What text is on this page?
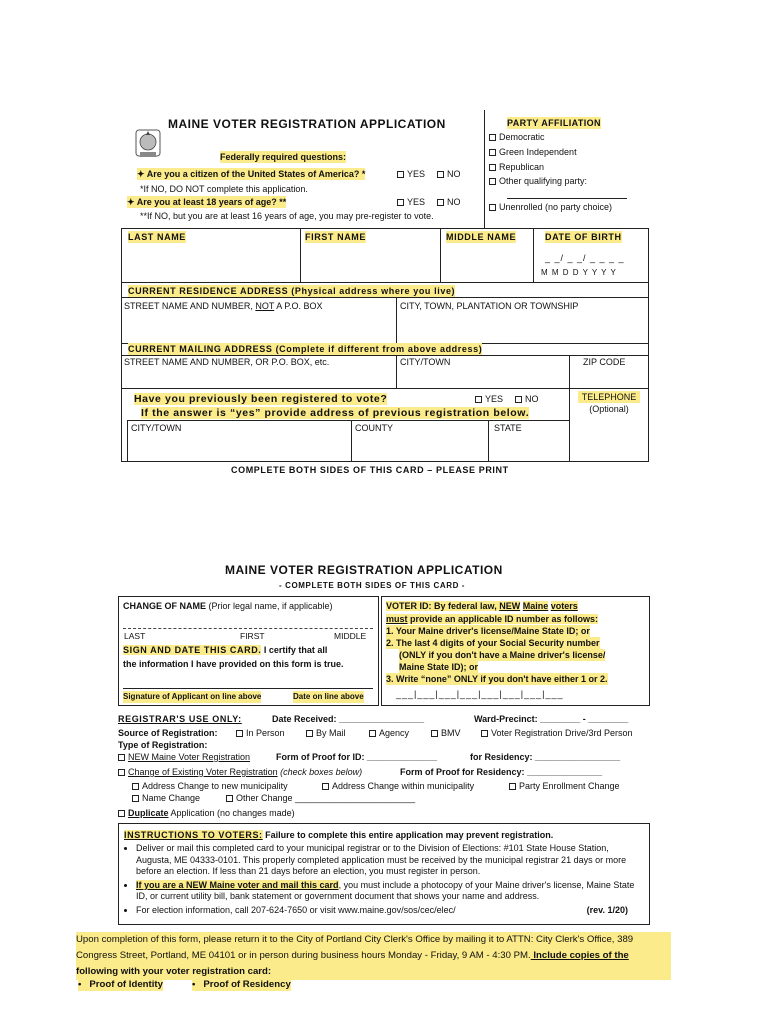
MAINE VOTER REGISTRATION APPLICATION
Federally required questions:
✦ Are you a citizen of the United States of America? *	YES	NO
*If NO, DO NOT complete this application.
✦ Are you at least 18 years of age? **	YES	NO
**If NO, but you are at least 16 years of age, you may pre-register to vote.
PARTY AFFILIATION
Democratic
Green Independent
Republican
Other qualifying party:
Unenrolled (no party choice)
LAST NAME	FIRST NAME	MIDDLE NAME	DATE OF BIRTH
_ _/ _ _/ _ _ _ _
M M D D Y Y Y Y
CURRENT RESIDENCE ADDRESS (Physical address where you live)
STREET NAME AND NUMBER, NOT A P.O. BOX	CITY, TOWN, PLANTATION OR TOWNSHIP
CURRENT MAILING ADDRESS (Complete if different from above address)
STREET NAME AND NUMBER, OR P.O. BOX, etc.	CITY/TOWN	ZIP CODE
Have you previously been registered to vote?	YES	NO
If the answer is “yes” provide address of previous registration below.
TELEPHONE
(Optional)
CITY/TOWN	COUNTY	STATE
COMPLETE BOTH SIDES OF THIS CARD – PLEASE PRINT
MAINE VOTER REGISTRATION APPLICATION
- COMPLETE BOTH SIDES OF THIS CARD -
CHANGE OF NAME (Prior legal name, if applicable)
LAST	FIRST	MIDDLE
SIGN AND DATE THIS CARD. I certify that all
the information I have provided on this form is true.
Signature of Applicant on line above	Date on line above
VOTER ID: By federal law, NEW Maine voters
must provide an applicable ID number as follows:
1. Your Maine driver's license/Maine State ID; or
2. The last 4 digits of your Social Security number
(ONLY if you don't have a Maine driver's license/
Maine State ID); or
3. Write “none” ONLY if you don't have either 1 or 2.
___|___|___|___|___|___|___|___
REGISTRAR'S USE ONLY:	Date Received: _________________	Ward-Precinct: ________ - ________
Source of Registration:	In Person	By Mail	Agency	BMV	Voter Registration Drive/3rd Person
Type of Registration:
NEW Maine Voter Registration	Form of Proof for ID: ______________	for Residency: _________________
Change of Existing Voter Registration (check boxes below)	Form of Proof for Residency: _______________
Address Change to new municipality	Address Change within municipality	Party Enrollment Change
Name Change	Other Change ________________________
Duplicate Application (no changes made)
INSTRUCTIONS TO VOTERS: Failure to complete this entire application may prevent registration.
• Deliver or mail this completed card to your municipal registrar or to the Division of Elections: #101 State House Station, Augusta, ME 04333-0101. This properly completed application must be received by the municipal registrar 21 days or more before an election. If less than 21 days before an election, you must register in person.
• If you are a NEW Maine voter and mail this card, you must include a photocopy of your Maine driver's license, Maine State ID, or current utility bill, bank statement or government document that shows your name and address.
• For election information, call 207-624-7650 or visit www.maine.gov/sos/cec/elec/	(rev. 1/20)
Upon completion of this form, please return it to the City of Portland City Clerk's Office by mailing it to ATTN: City Clerk's Office, 389
Congress Street, Portland, ME 04101 or in person during business hours Monday - Friday, 9 AM - 4:30 PM. Include copies of the
following with your voter registration card:
•   Proof of Identity	•   Proof of Residency
